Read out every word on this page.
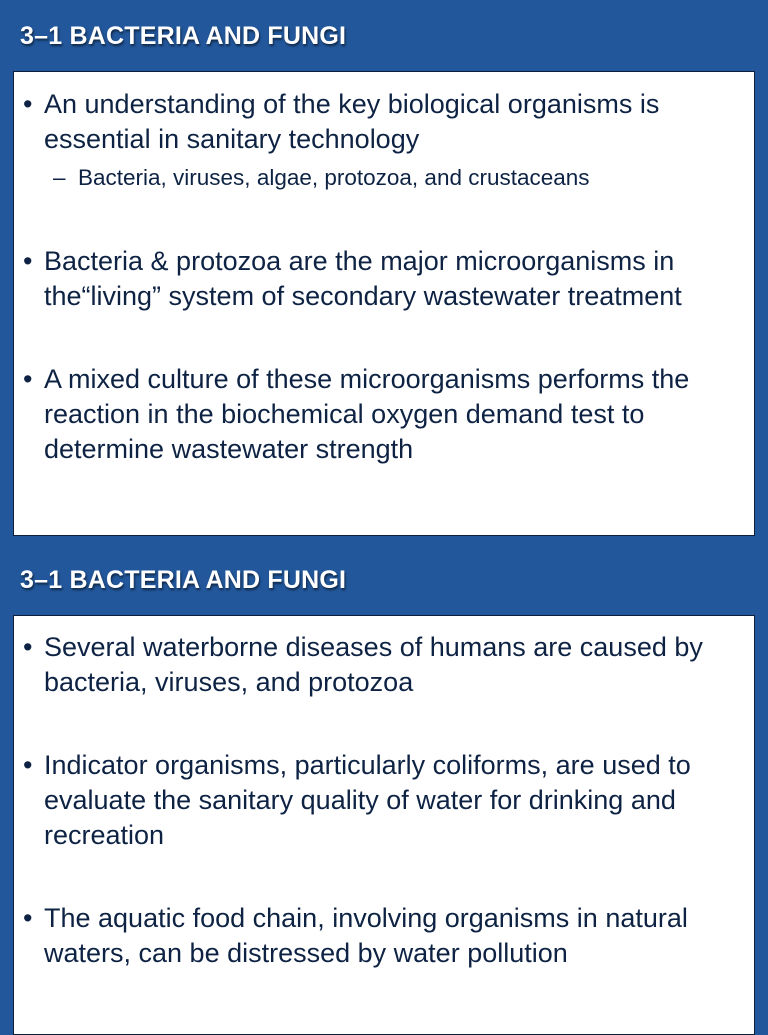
3–1 BACTERIA AND FUNGI
• An understanding of the key biological organisms is essential in sanitary technology
– Bacteria, viruses, algae, protozoa, and crustaceans
• Bacteria & protozoa are the major microorganisms in the“living” system of secondary wastewater treatment
• A mixed culture of these microorganisms performs the reaction in the biochemical oxygen demand test to determine wastewater strength
3–1 BACTERIA AND FUNGI
• Several waterborne diseases of humans are caused by bacteria, viruses, and protozoa
• Indicator organisms, particularly coliforms, are used to evaluate the sanitary quality of water for drinking and recreation
• The aquatic food chain, involving organisms in natural waters, can be distressed by water pollution
